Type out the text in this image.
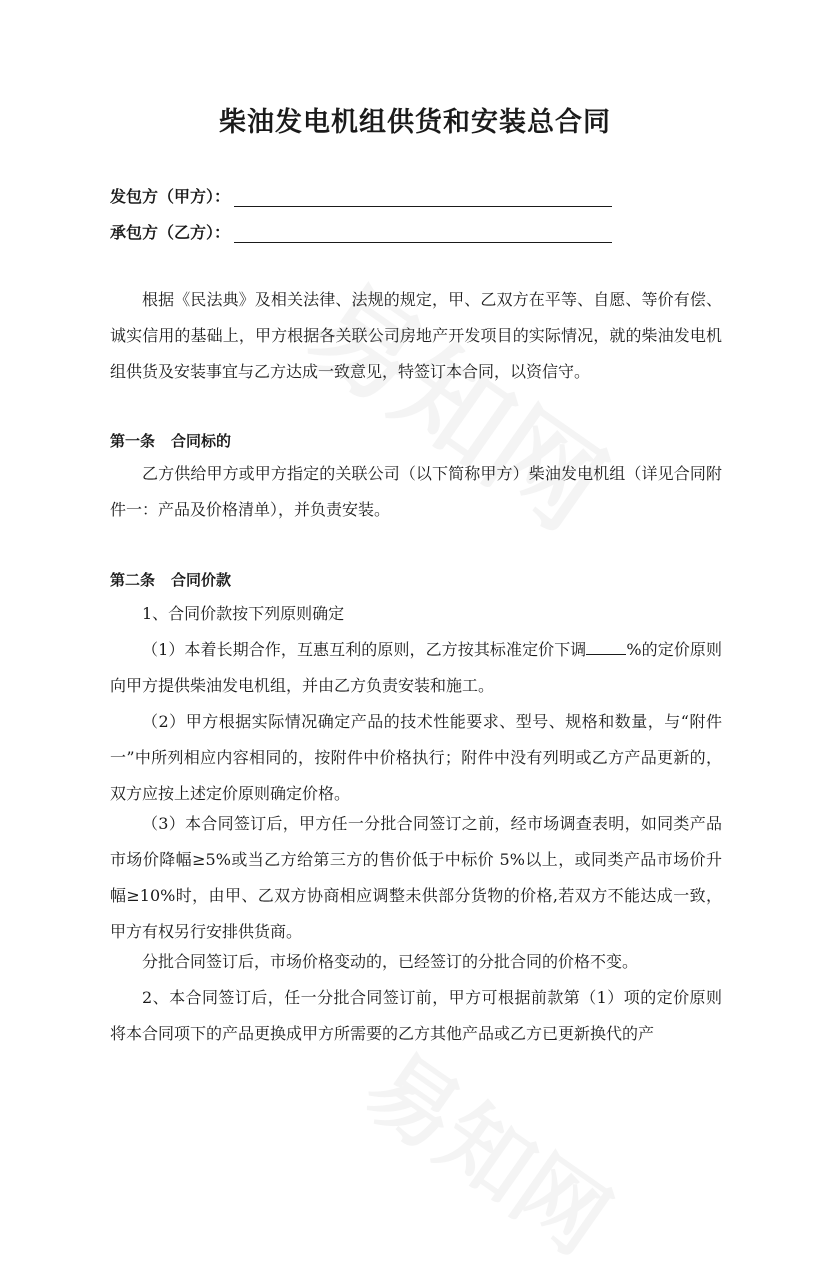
柴油发电机组供货和安装总合同
发包方（甲方）：
承包方（乙方）：
根据《民法典》及相关法律、法规的规定，甲、乙双方在平等、自愿、等价有偿、诚实信用的基础上，甲方根据各关联公司房地产开发项目的实际情况，就的柴油发电机组供货及安装事宜与乙方达成一致意见，特签订本合同，以资信守。
第一条 合同标的
乙方供给甲方或甲方指定的关联公司（以下简称甲方）柴油发电机组（详见合同附件一：产品及价格清单），并负责安装。
第二条 合同价款
1、合同价款按下列原则确定
（1）本着长期合作，互惠互利的原则，乙方按其标准定价下调	%的定价原则向甲方提供柴油发电机组，并由乙方负责安装和施工。
（2）甲方根据实际情况确定产品的技术性能要求、型号、规格和数量，与“附件一”中所列相应内容相同的，按附件中价格执行；附件中没有列明或乙方产品更新的，双方应按上述定价原则确定价格。
（3）本合同签订后，甲方任一分批合同签订之前，经市场调查表明，如同类产品市场价降幅≥5%或当乙方给第三方的售价低于中标价 5%以上，或同类产品市场价升幅≥10%时，由甲、乙双方协商相应调整未供部分货物的价格,若双方不能达成一致，甲方有权另行安排供货商。
分批合同签订后，市场价格变动的，已经签订的分批合同的价格不变。
2、本合同签订后，任一分批合同签订前，甲方可根据前款第（1）项的定价原则将本合同项下的产品更换成甲方所需要的乙方其他产品或乙方已更新换代的产
